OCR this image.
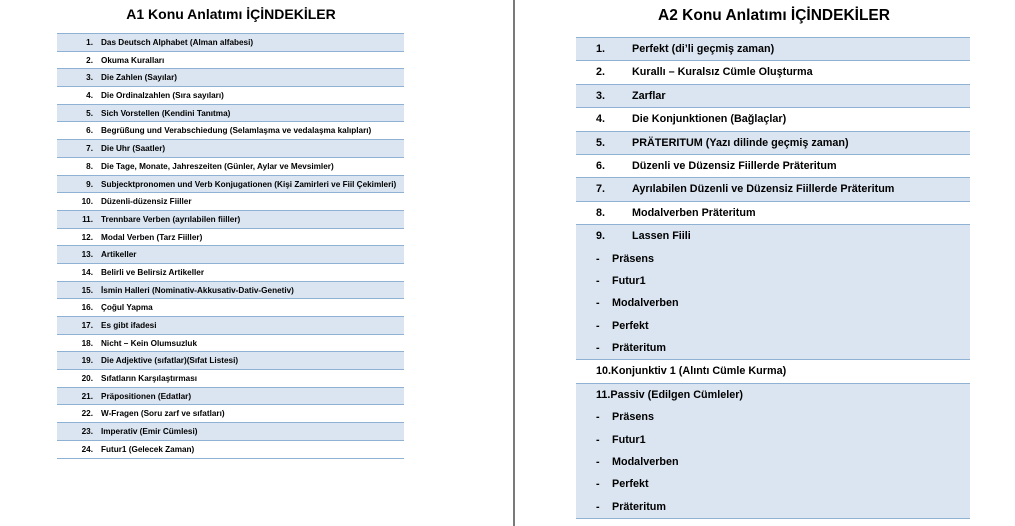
A1 Konu Anlatımı İÇİNDEKİLER
1. Das Deutsch Alphabet (Alman alfabesi)
2. Okuma Kuralları
3. Die Zahlen (Sayılar)
4. Die Ordinalzahlen (Sıra sayıları)
5. Sich Vorstellen (Kendini Tanıtma)
6. Begrüßung und Verabschiedung (Selamlaşma ve vedalaşma kalıpları)
7. Die Uhr (Saatler)
8. Die Tage, Monate, Jahreszeiten (Günler, Aylar ve Mevsimler)
9. Subjecktpronomen und Verb Konjugationen (Kişi Zamirleri ve Fiil Çekimleri)
10. Düzenli-düzensiz Fiiller
11. Trennbare Verben (ayrılabilen fiiller)
12. Modal Verben (Tarz Fiiller)
13. Artikeller
14. Belirli ve Belirsiz Artikeller
15. İsmin Halleri (Nominativ-Akkusativ-Dativ-Genetiv)
16. Çoğul Yapma
17. Es gibt ifadesi
18. Nicht – Kein Olumsuzluk
19. Die Adjektive (sıfatlar)(Sıfat Listesi)
20. Sıfatların Karşılaştırması
21. Präpositionen (Edatlar)
22. W-Fragen (Soru zarf ve sıfatları)
23. Imperativ (Emir Cümlesi)
24. Futur1 (Gelecek Zaman)
A2 Konu Anlatımı İÇİNDEKİLER
1.	Perfekt (di’li geçmiş zaman)
2.	Kurallı – Kuralsız Cümle Oluşturma
3.	Zarflar
4.	Die Konjunktionen (Bağlaçlar)
5.	PRÄTERITUM (Yazı dilinde geçmiş zaman)
6.	Düzenli ve Düzensiz Fiillerde Präteritum
7.	Ayrılabilen Düzenli ve Düzensiz Fiillerde Präteritum
8.	Modalverben Präteritum
9.	Lassen Fiili
-	Präsens
-	Futur1
-	Modalverben
-	Perfekt
-	Präteritum
10. Konjunktiv 1 (Alıntı Cümle Kurma)
11. Passiv (Edilgen Cümleler)
-	Präsens
-	Futur1
-	Modalverben
-	Perfekt
-	Präteritum
